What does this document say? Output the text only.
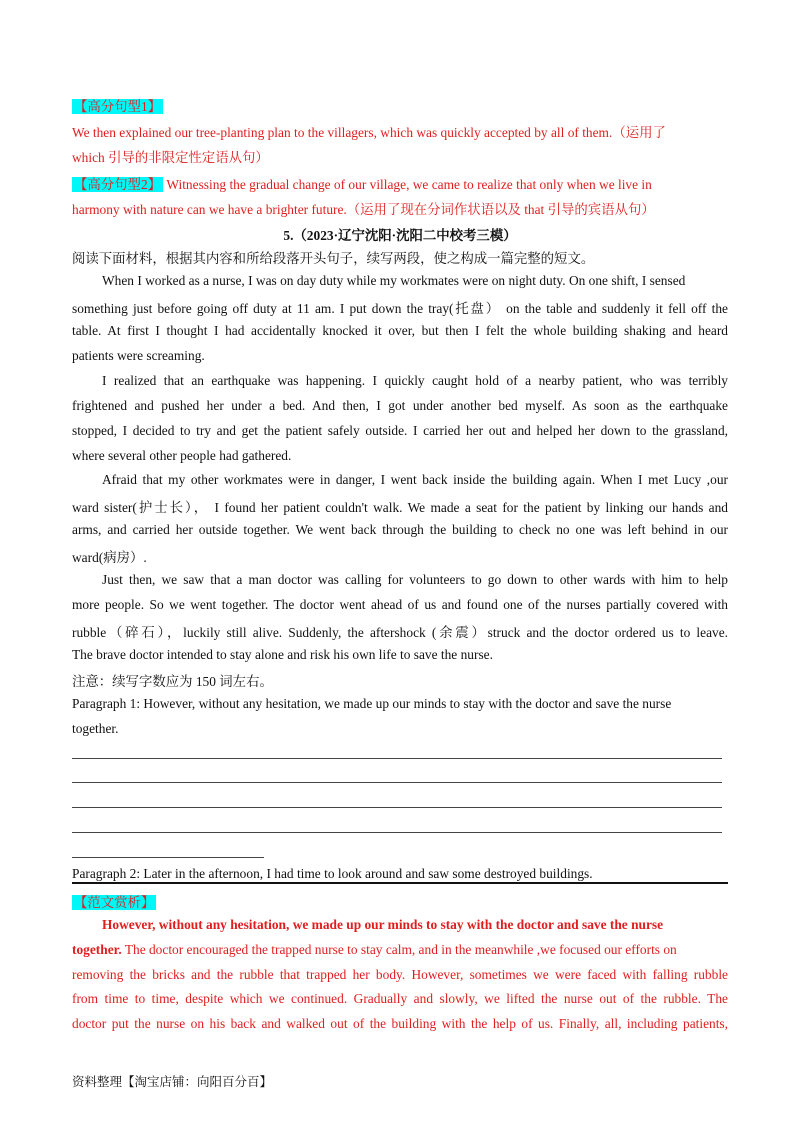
【高分句型1】
We then explained our tree-planting plan to the villagers, which was quickly accepted by all of them.（运用了
which 引导的非限定性定语从句）
【高分句型2】 Witnessing the gradual change of our village, we came to realize that only when we live in
harmony with nature can we have a brighter future.（运用了现在分词作状语以及 that 引导的宾语从句）
5.（2023·辽宁沈阳·沈阳二中校考三模）
阅读下面材料，根据其内容和所给段落开头句子，续写两段，使之构成一篇完整的短文。
When I worked as a nurse, I was on day duty while my workmates were on night duty. On one shift, I sensed
something just before going off duty at 11 am. I put down the tray(托盘） on the table and suddenly it fell off the
table. At first I thought I had accidentally knocked it over, but then I felt the whole building shaking and heard
patients were screaming.
I realized that an earthquake was happening. I quickly caught hold of a nearby patient, who was terribly
frightened and pushed her under a bed. And then, I got under another bed myself. As soon as the earthquake
stopped, I decided to try and get the patient safely outside. I carried her out and helped her down to the grassland,
where several other people had gathered.
Afraid that my other workmates were in danger, I went back inside the building again. When I met Lucy ,our
ward sister(护士长）， I found her patient couldn't walk. We made a seat for the patient by linking our hands and
arms, and carried her outside together. We went back through the building to check no one was left behind in our
ward(病房）.
Just then, we saw that a man doctor was calling for volunteers to go down to other wards with him to help
more people. So we went together. The doctor went ahead of us and found one of the nurses partially covered with
rubble（碎石），luckily still alive. Suddenly, the aftershock (余震）struck and the doctor ordered us to leave.
The brave doctor intended to stay alone and risk his own life to save the nurse.
注意：续写字数应为 150 词左右。
Paragraph 1: However, without any hesitation, we made up our minds to stay with the doctor and save the nurse
together.
Paragraph 2: Later in the afternoon, I had time to look around and saw some destroyed buildings.
【范文赏析】
However, without any hesitation, we made up our minds to stay with the doctor and save the nurse
together. The doctor encouraged the trapped nurse to stay calm, and in the meanwhile ,we focused our efforts on
removing the bricks and the rubble that trapped her body. However, sometimes we were faced with falling rubble
from time to time, despite which we continued. Gradually and slowly, we lifted the nurse out of the rubble. The
doctor put the nurse on his back and walked out of the building with the help of us. Finally, all, including patients,
资料整理【淘宝店铺：向阳百分百】
